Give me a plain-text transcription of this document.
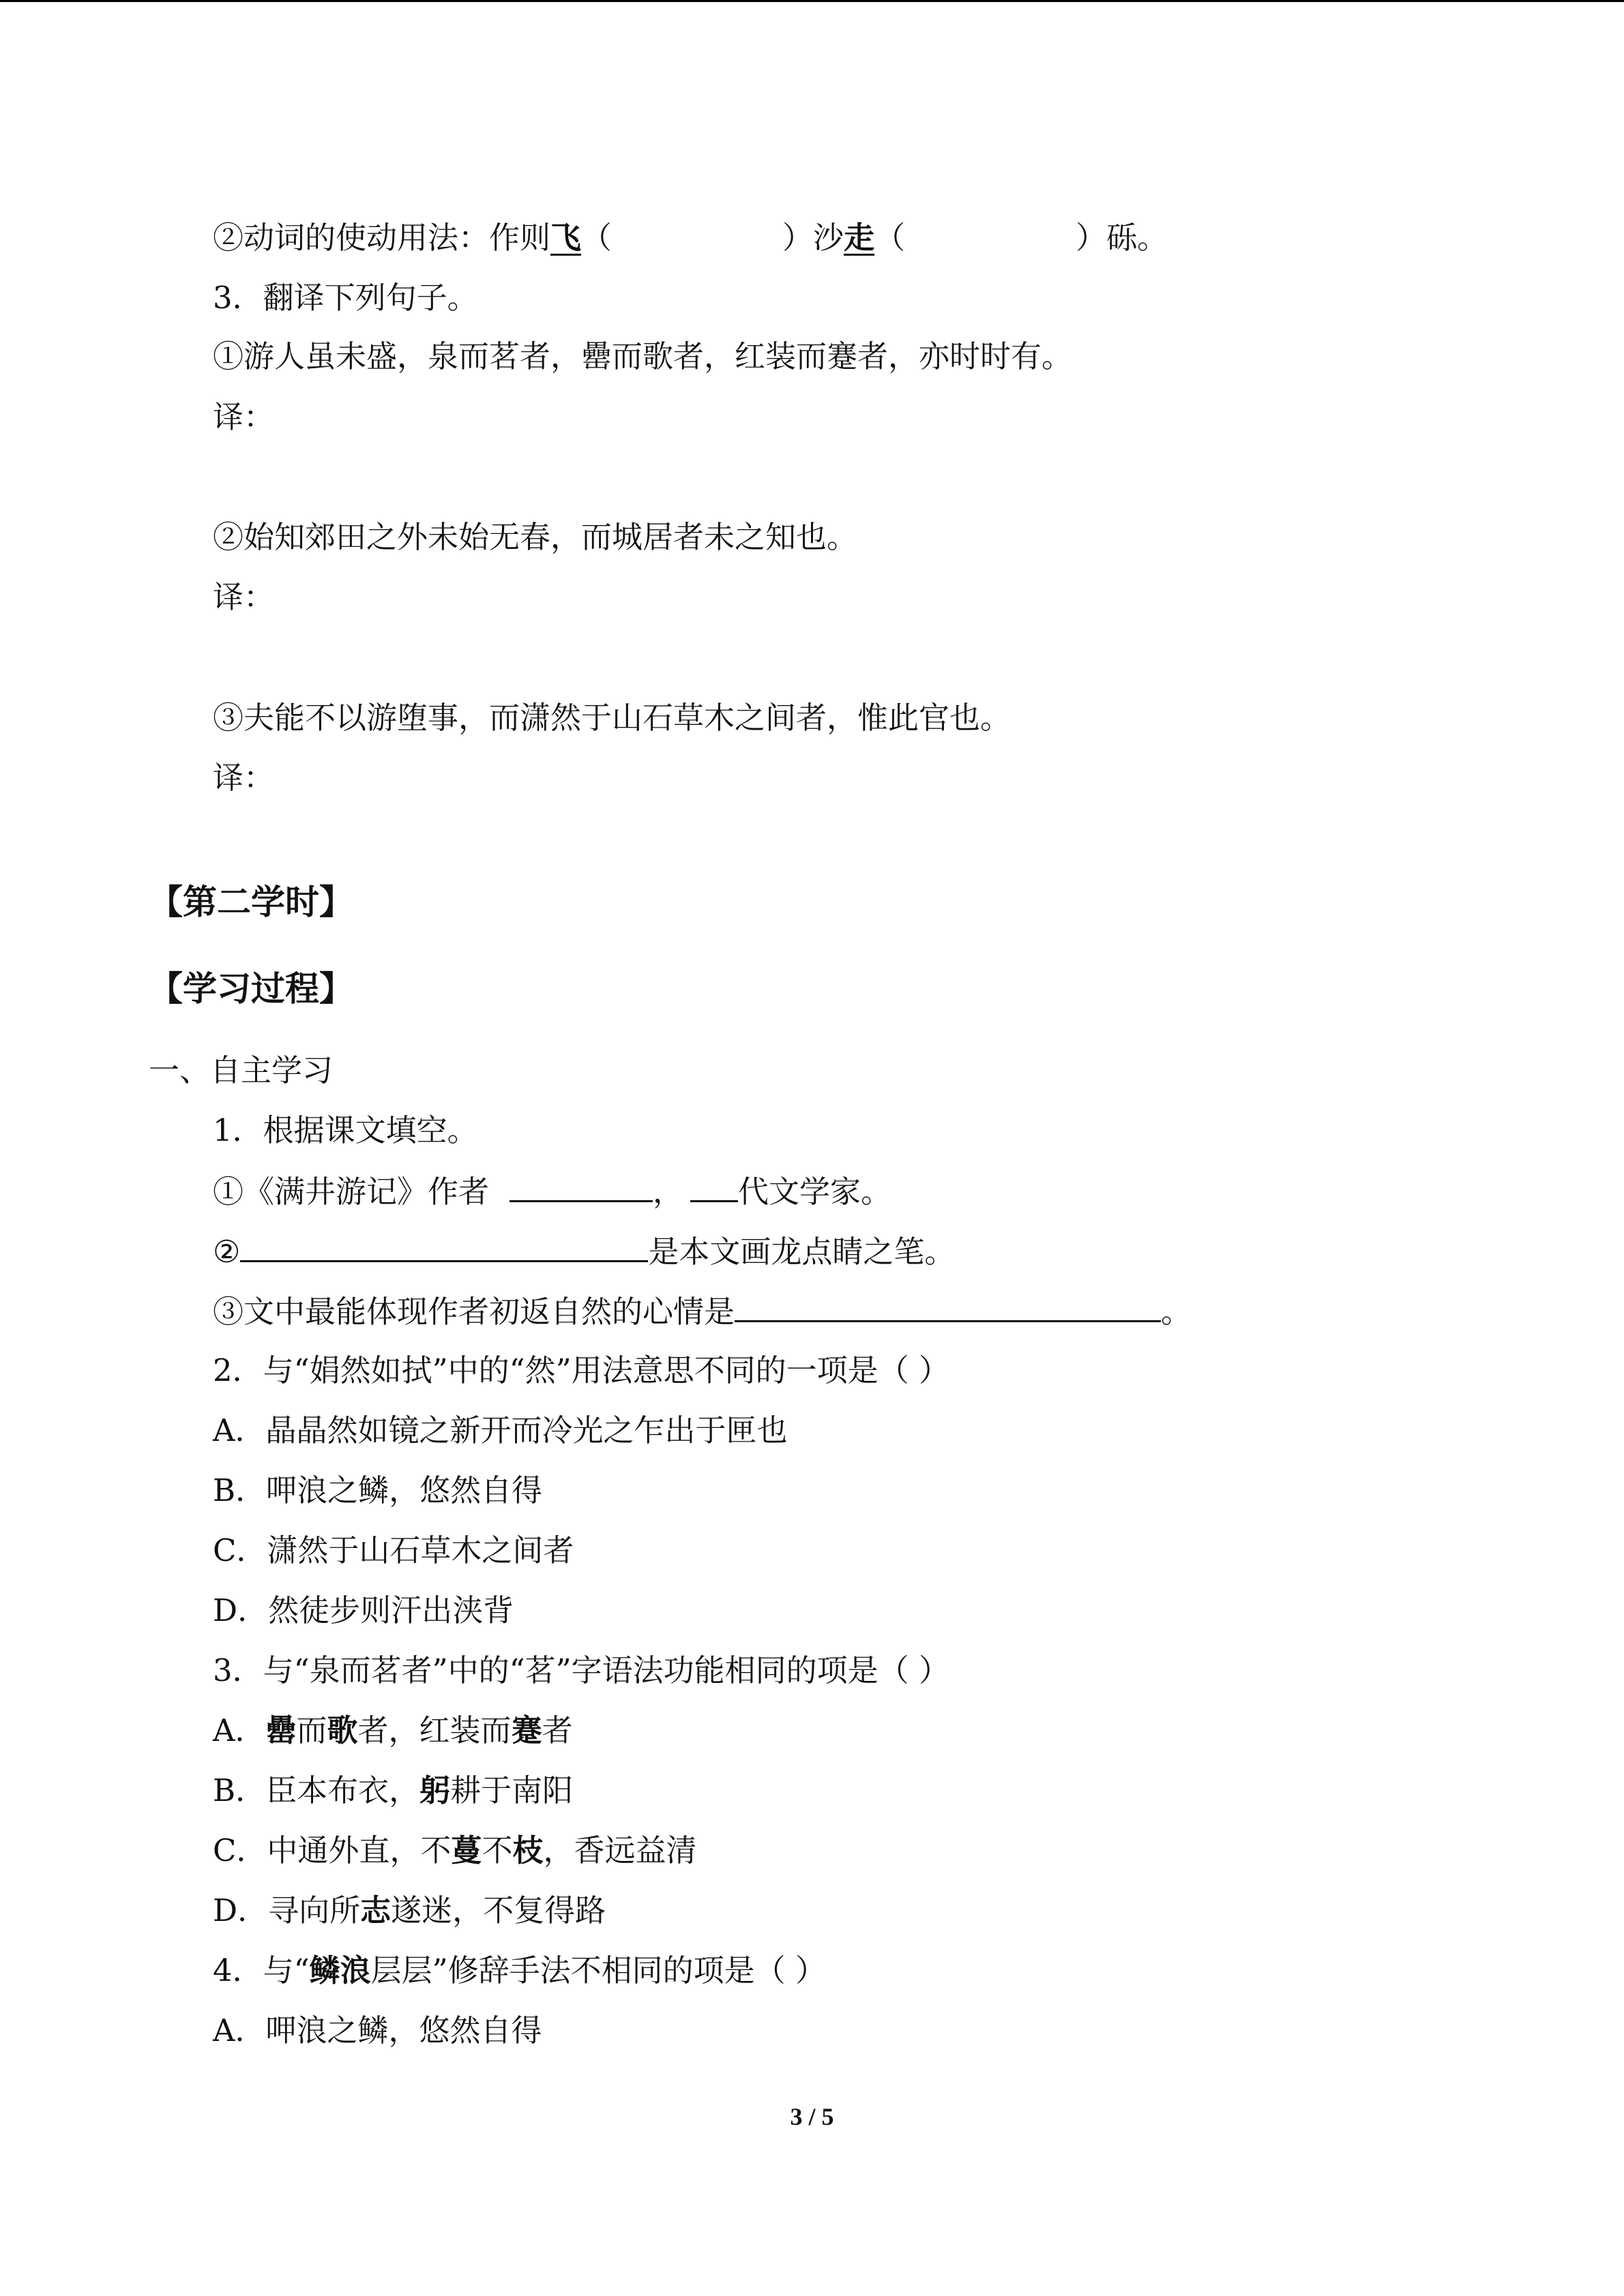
②动词的使动用法：作则飞（	）沙走（	）砾。
3．翻译下列句子。
①游人虽未盛，泉而茗者，罍而歌者，红装而蹇者，亦时时有。
译：
②始知郊田之外未始无春，而城居者未之知也。
译：
③夫能不以游堕事，而潇然于山石草木之间者，惟此官也。
译：
【第二学时】
【学习过程】
一、自主学习
1．根据课文填空。
①《满井游记》作者	， 代文学家。
②	是本文画龙点睛之笔。
③文中最能体现作者初返自然的心情是	。
2．与“娟然如拭”中的“然”用法意思不同的一项是（ ）
A．晶晶然如镜之新开而冷光之乍出于匣也
B．呷浪之鳞，悠然自得
C．潇然于山石草木之间者
D．然徒步则汗出浃背
3．与“泉而茗者”中的“茗”字语法功能相同的项是（ ）
A．罍而歌者，红装而蹇者
B．臣本布衣，躬耕于南阳
C．中通外直，不蔓不枝，香远益清
D．寻向所志遂迷，不复得路
4．与“鳞浪层层”修辞手法不相同的项是（ ）
A．呷浪之鳞，悠然自得
3 / 5
